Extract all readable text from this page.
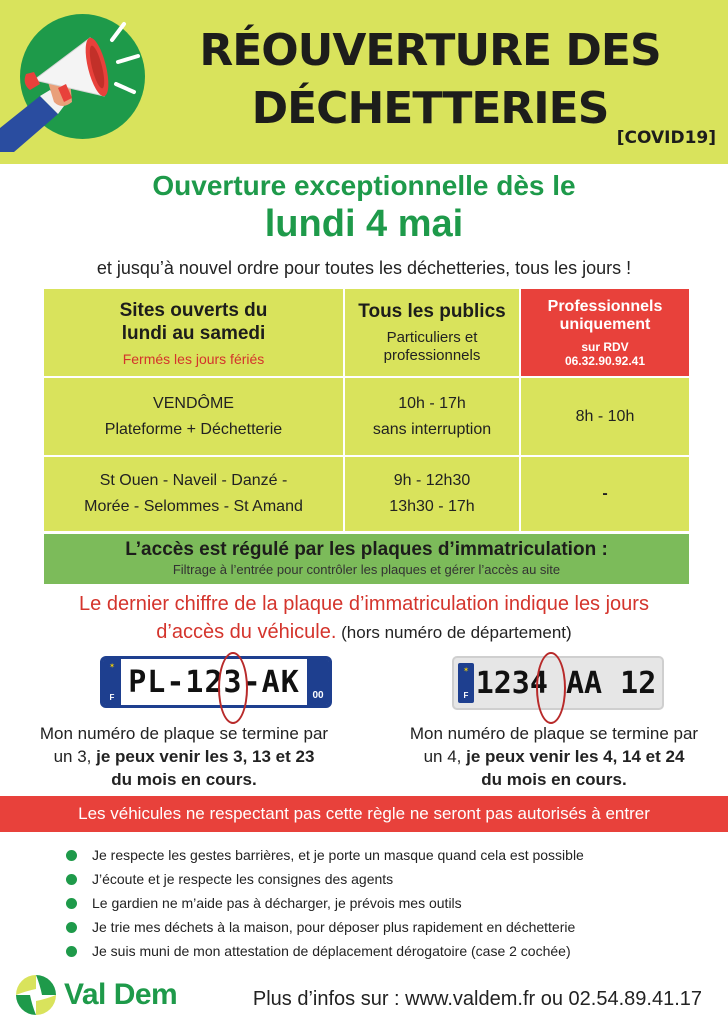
RÉOUVERTURE DES
DÉCHETTERIES
[COVID19]
Ouverture exceptionnelle dès le
lundi 4 mai
et jusqu’à nouvel ordre pour toutes les déchetteries, tous les jours !
Sites ouverts du
lundi au samedi
Fermés les jours fériés
Tous les publics
Particuliers et
professionnels
Professionnels
uniquement
sur RDV
06.32.90.92.41
VENDÔME
Plateforme + Déchetterie
10h - 17h
sans interruption
8h - 10h
St Ouen - Naveil - Danzé -
Morée - Selommes - St Amand
9h - 12h30
13h30 - 17h
-
L’accès est régulé par les plaques d’immatriculation :
Filtrage à l’entrée pour contrôler les plaques et gérer l’accès au site
Le dernier chiffre de la plaque d’immatriculation indique les jours
d’accès du véhicule. (hors numéro de département)
✶
F PL-123-AK	00
✶
F 1234 AA 12
Mon numéro de plaque se termine par
un 3, je peux venir les 3, 13 et 23
du mois en cours.
Mon numéro de plaque se termine par
un 4, je peux venir les 4, 14 et 24
du mois en cours.
Les véhicules ne respectant pas cette règle ne seront pas autorisés à entrer
Je respecte les gestes barrières, et je porte un masque quand cela est possible
J’écoute et je respecte les consignes des agents
Le gardien ne m’aide pas à décharger, je prévois mes outils
Je trie mes déchets à la maison, pour déposer plus rapidement en déchetterie
Je suis muni de mon attestation de déplacement dérogatoire (case 2 cochée)
Val Dem	Plus d’infos sur : www.valdem.fr ou 02.54.89.41.17
